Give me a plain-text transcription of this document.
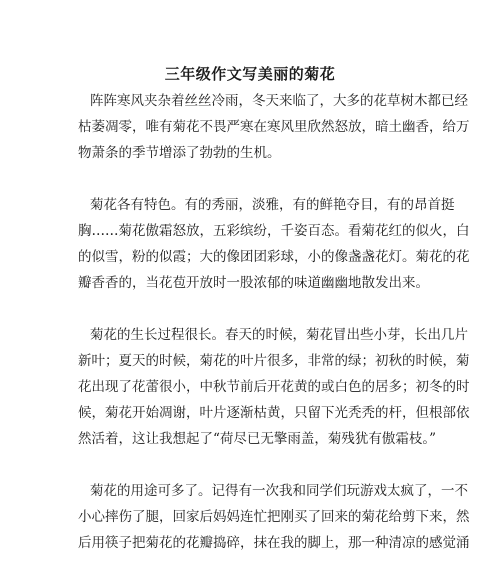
三年级作文写美丽的菊花
阵阵寒风夹杂着丝丝冷雨，冬天来临了，大多的花草树木都已经
枯萎凋零，唯有菊花不畏严寒在寒风里欣然怒放，暗土幽香，给万
物萧条的季节增添了勃勃的生机。
菊花各有特色。有的秀丽，淡雅，有的鲜艳夺目，有的昂首挺
胸……菊花傲霜怒放，五彩缤纷，千姿百态。看菊花红的似火，白
的似雪，粉的似霞；大的像团团彩球，小的像盏盏花灯。菊花的花
瓣香香的，当花苞开放时一股浓郁的味道幽幽地散发出来。
菊花的生长过程很长。春天的时候，菊花冒出些小芽，长出几片
新叶；夏天的时候，菊花的叶片很多，非常的绿；初秋的时候，菊
花出现了花蕾很小，中秋节前后开花黄的或白色的居多；初冬的时
候，菊花开始凋谢，叶片逐渐枯黄，只留下光秃秃的杆，但根部依
然活着，这让我想起了“荷尽已无擎雨盖，菊残犹有傲霜枝。”
菊花的用途可多了。记得有一次我和同学们玩游戏太疯了，一不
小心摔伤了腿，回家后妈妈连忙把刚买了回来的菊花给剪下来，然
后用筷子把菊花的花瓣捣碎，抹在我的脚上，那一种清凉的感觉涌
